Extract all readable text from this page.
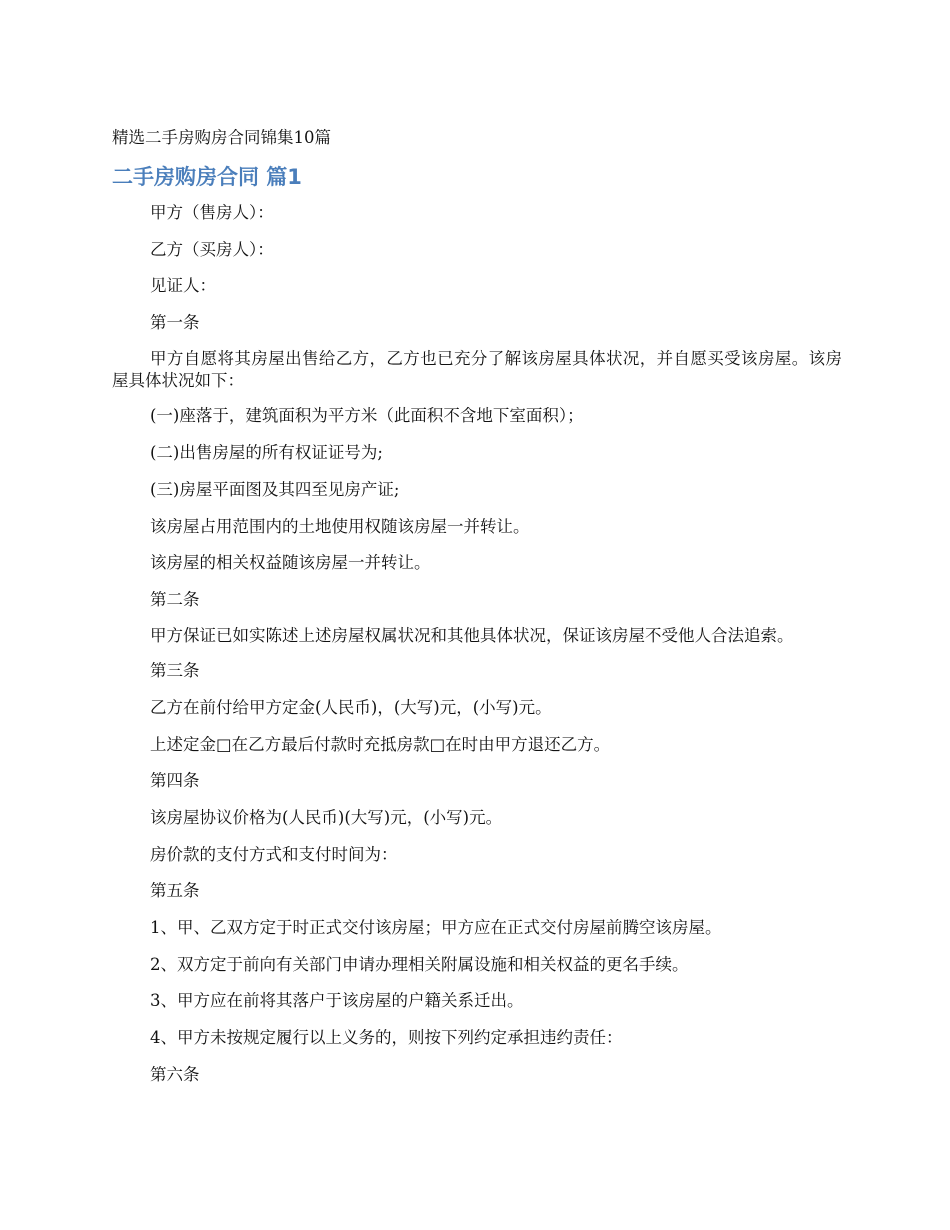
精选二手房购房合同锦集10篇
二手房购房合同 篇1

甲方（售房人）：

乙方（买房人）：

见证人：

第一条

甲方自愿将其房屋出售给乙方，乙方也已充分了解该房屋具体状况，并自愿买受该房屋。该房屋具体状况如下：

(一)座落于，建筑面积为平方米（此面积不含地下室面积）；

(二)出售房屋的所有权证证号为;

(三)房屋平面图及其四至见房产证;

该房屋占用范围内的土地使用权随该房屋一并转让。

该房屋的相关权益随该房屋一并转让。

第二条

甲方保证已如实陈述上述房屋权属状况和其他具体状况，保证该房屋不受他人合法追索。

第三条

乙方在前付给甲方定金(人民币)，(大写)元，(小写)元。

上述定金□在乙方最后付款时充抵房款□在时由甲方退还乙方。

第四条

该房屋协议价格为(人民币)(大写)元，(小写)元。

房价款的支付方式和支付时间为：

第五条

1、甲、乙双方定于时正式交付该房屋；甲方应在正式交付房屋前腾空该房屋。

2、双方定于前向有关部门申请办理相关附属设施和相关权益的更名手续。

3、甲方应在前将其落户于该房屋的户籍关系迁出。

4、甲方未按规定履行以上义务的，则按下列约定承担违约责任：

第六条
